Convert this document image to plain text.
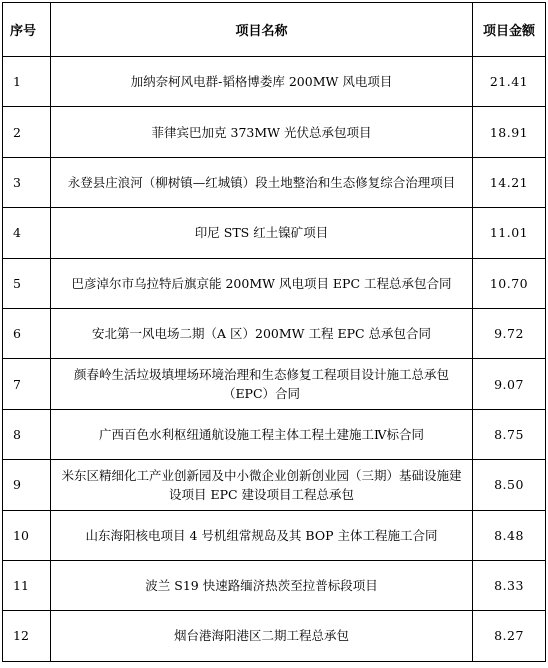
序号	项目名称	项目金额
1	加纳奈柯风电群-韬格博娄库 200MW 风电项目	21.41
2	菲律宾巴加克 373MW 光伏总承包项目	18.91
3	永登县庄浪河（柳树镇—红城镇）段土地整治和生态修复综合治理项目	14.21
4	印尼 STS 红土镍矿项目	11.01
5	巴彦淖尔市乌拉特后旗京能 200MW 风电项目 EPC 工程总承包合同	10.70
6	安北第一风电场二期（A 区）200MW 工程 EPC 总承包合同	9.72
7	颜春岭生活垃圾填埋场环境治理和生态修复工程项目设计施工总承包（EPC）合同	9.07
8	广西百色水利枢纽通航设施工程主体工程土建施工Ⅳ标合同	8.75
9	米东区精细化工产业创新园及中小微企业创新创业园（三期）基础设施建设项目 EPC 建设项目工程总承包	8.50
10	山东海阳核电项目 4 号机组常规岛及其 BOP 主体工程施工合同	8.48
11	波兰 S19 快速路缅济热茨至拉普标段项目	8.33
12	烟台港海阳港区二期工程总承包	8.27
